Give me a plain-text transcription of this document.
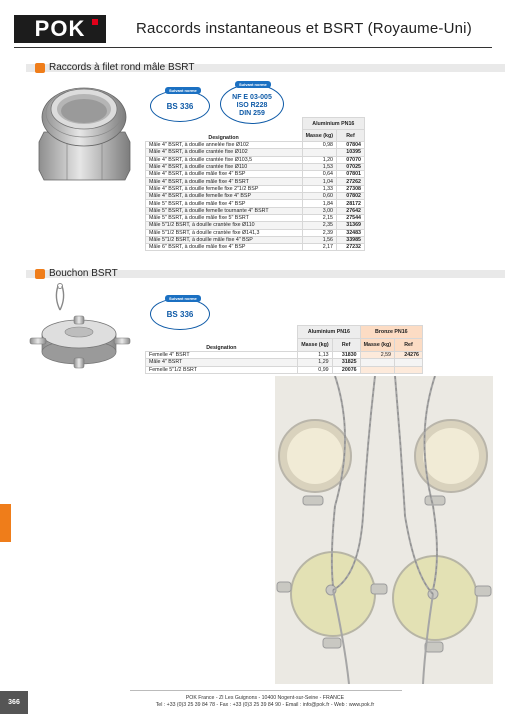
POK	Raccords instantaneous et BSRT (Royaume-Uni)
Raccords à filet rond mâle BSRT
Suivant norme
BS 336
Suivant norme
NF E 03-005
ISO R228
DIN 259
Designation	Aluminium PN16	
	Masse (kg)	Ref
Mâle 4" BSRT, à douille annelée fixe Ø102	0,98	07804
Mâle 4" BSRT, à douille crantée fixe Ø102		10395
Mâle 4" BSRT, à douille crantée fixe Ø103,5	1,20	07070
Mâle 4" BSRT, à douille crantée fixe Ø110	1,53	07025
Mâle 4" BSRT, à douille mâle fixe 4" BSP	0,64	07801
Mâle 4" BSRT, à douille mâle fixe 4" BSRT	1,04	27262
Mâle 4" BSRT, à douille femelle fixe 2"1/2 BSP	1,33	27308
Mâle 4" BSRT, à douille femelle fixe 4" BSP	0,60	07802
Mâle 5" BSRT, à douille mâle fixe 4" BSP	1,84	28172
Mâle 5" BSRT, à douille femelle tournante 4" BSRT	3,00	27642
Mâle 5" BSRT, à douille mâle fixe 5" BSRT	2,15	27544
Mâle 5"1/2 BSRT, à douille crantée fixe Ø110	2,35	31369
Mâle 5"1/2 BSRT, à douille crantée fixe Ø141,3	2,39	32483
Mâle 5"1/2 BSRT, à douille mâle fixe 4" BSP	1,56	33985
Mâle 6" BSRT, à douille mâle fixe 4" BSP	2,17	27232
Bouchon BSRT
Suivant norme
BS 336
Designation	Aluminium PN16		Bronze PN16	
	Masse (kg)	Ref	Masse (kg)	Ref
Femelle 4" BSRT	1,13	31830	2,59	24276
Mâle 4" BSRT	1,29	31825		
Femelle 5"1/2 BSRT	0,99	20076		
366
POK France - ZI Les Guignons - 10400 Nogent-sur-Seine - FRANCE
Tel : +33 (0)3 25 39 84 78 - Fax : +33 (0)3 25 39 84 90 - Email : info@pok.fr - Web : www.pok.fr
